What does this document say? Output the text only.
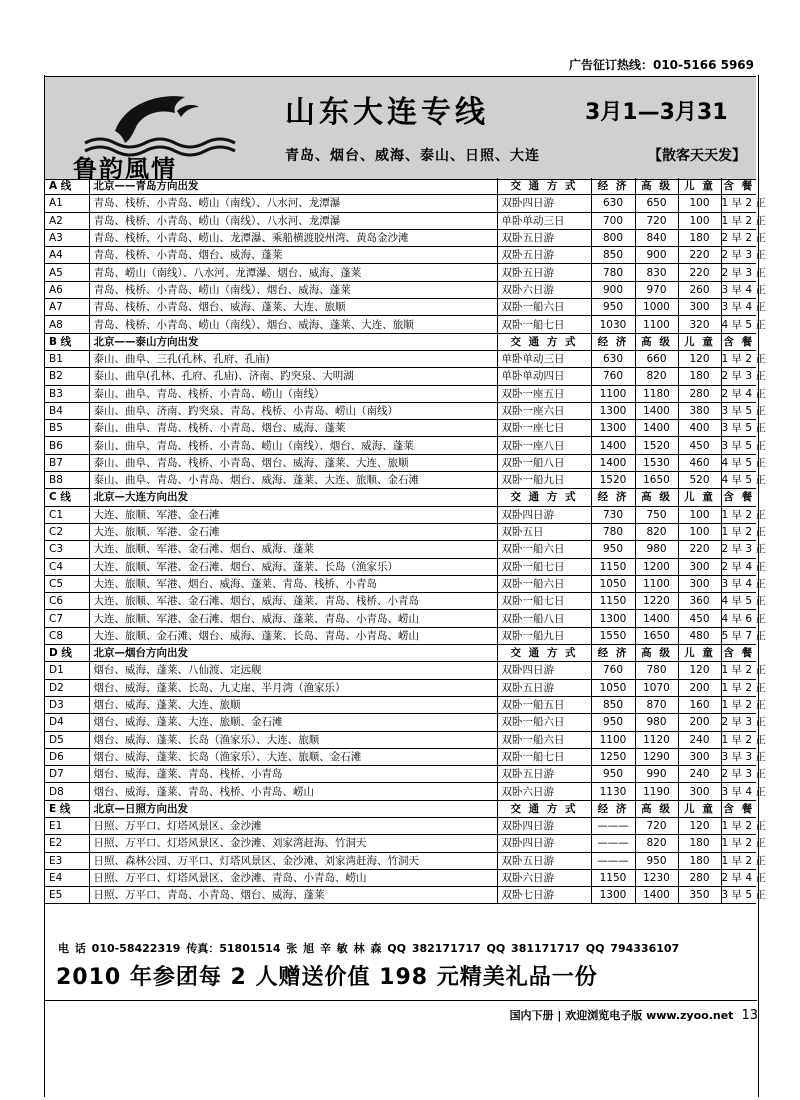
广告征订热线：010-5166 5969
鲁韵風情
山东大连专线	3月1—3月31
青岛、烟台、威海、泰山、日照、大连	【散客天天发】
A 线	北京——青岛方向出发	交 通 方 式	经 济	高 级	儿 童	含 餐
A1	青岛、栈桥、小青岛、崂山（南线）、八水河、龙潭瀑	双卧四日游	630	650	100	1 早 2 正
A2	青岛、栈桥、小青岛、崂山（南线）、八水河、龙潭瀑	单卧单动三日	700	720	100	1 早 2 正
A3	青岛、栈桥、小青岛、崂山、龙潭瀑、乘船横渡胶州湾、黄岛金沙滩	双卧五日游	800	840	180	2 早 2 正
A4	青岛、栈桥、小青岛、烟台、威海、蓬莱	双卧五日游	850	900	220	2 早 3 正
A5	青岛、崂山（南线）、八水河、龙潭瀑、烟台、威海、蓬莱	双卧五日游	780	830	220	2 早 3 正
A6	青岛、栈桥、小青岛、崂山（南线）、烟台、威海、蓬莱	双卧六日游	900	970	260	3 早 4 正
A7	青岛、栈桥、小青岛、烟台、威海、蓬莱、大连、旅顺	双卧一船六日	950	1000	300	3 早 4 正
A8	青岛、栈桥、小青岛、崂山（南线）、烟台、威海、蓬莱、大连、旅顺	双卧一船七日	1030	1100	320	4 早 5 正
B 线	北京——泰山方向出发	交 通 方 式	经 济	高 级	儿 童	含 餐
B1	泰山、曲阜、三孔(孔林、孔府、孔庙)	单卧单动三日	630	660	120	1 早 2 正
B2	泰山、曲阜(孔林、孔府、孔庙)、济南、趵突泉、大明湖	单卧单动四日	760	820	180	2 早 3 正
B3	泰山、曲阜、青岛、栈桥、小青岛、崂山（南线）	双卧一座五日	1100	1180	280	2 早 4 正
B4	泰山、曲阜、济南、趵突泉、青岛、栈桥、小青岛、崂山（南线）	双卧一座六日	1300	1400	380	3 早 5 正
B5	泰山、曲阜、青岛、栈桥、小青岛、烟台、威海、蓬莱	双卧一座七日	1300	1400	400	3 早 5 正
B6	泰山、曲阜、青岛、栈桥、小青岛、崂山（南线）、烟台、威海、蓬莱	双卧一座八日	1400	1520	450	3 早 5 正
B7	泰山、曲阜、青岛、栈桥、小青岛、烟台、威海、蓬莱、大连、旅顺	双卧一船八日	1400	1530	460	4 早 5 正
B8	泰山、曲阜、青岛、小青岛、烟台、威海、蓬莱、大连、旅顺、金石滩	双卧一船九日	1520	1650	520	4 早 5 正
C 线	北京—大连方向出发	交 通 方 式	经 济	高 级	儿 童	含 餐
C1	大连、旅顺、军港、金石滩	双卧四日游	730	750	100	1 早 2 正
C2	大连、旅顺、军港、金石滩	双卧五日	780	820	100	1 早 2 正
C3	大连、旅顺、军港、金石滩、烟台、威海、蓬莱	双卧一船六日	950	980	220	2 早 3 正
C4	大连、旅顺、军港、金石滩、烟台、威海、蓬莱、长岛（渔家乐）	双卧一船七日	1150	1200	300	2 早 4 正
C5	大连、旅顺、军港、烟台、威海、蓬莱、青岛、栈桥、小青岛	双卧一船六日	1050	1100	300	3 早 4 正
C6	大连、旅顺、军港、金石滩、烟台、威海、蓬莱、青岛、栈桥、小青岛	双卧一船七日	1150	1220	360	4 早 5 正
C7	大连、旅顺、军港、金石滩、烟台、威海、蓬莱、青岛、小青岛、崂山	双卧一船八日	1300	1400	450	4 早 6 正
C8	大连、旅顺、金石滩、烟台、威海、蓬莱、长岛、青岛、小青岛、崂山	双卧一船九日	1550	1650	480	5 早 7 正
D 线	北京—烟台方向出发	交 通 方 式	经 济	高 级	儿 童	含 餐
D1	烟台、威海、蓬莱、八仙渡、定远舰	双卧四日游	760	780	120	1 早 2 正
D2	烟台、威海、蓬莱、长岛、九丈崖、半月湾（渔家乐）	双卧五日游	1050	1070	200	1 早 2 正
D3	烟台、威海、蓬莱、大连、旅顺	双卧一船五日	850	870	160	1 早 2 正
D4	烟台、威海、蓬莱、大连、旅顺、金石滩	双卧一船六日	950	980	200	2 早 3 正
D5	烟台、威海、蓬莱、长岛（渔家乐）、大连、旅顺	双卧一船六日	1100	1120	240	1 早 2 正
D6	烟台、威海、蓬莱、长岛（渔家乐）、大连、旅顺、金石滩	双卧一船七日	1250	1290	300	3 早 3 正
D7	烟台、威海、蓬莱、青岛、栈桥、小青岛	双卧五日游	950	990	240	2 早 3 正
D8	烟台、威海、蓬莱、青岛、栈桥、小青岛、崂山	双卧六日游	1130	1190	300	3 早 4 正
E 线	北京—日照方向出发	交 通 方 式	经 济	高 级	儿 童	含 餐
E1	日照、万平口、灯塔风景区、金沙滩	双卧四日游	———	720	120	1 早 2 正
E2	日照、万平口、灯塔风景区、金沙滩、刘家湾赶海、竹洞天	双卧四日游	———	820	180	1 早 2 正
E3	日照、森林公园、万平口、灯塔风景区、金沙滩、刘家湾赶海、竹洞天	双卧五日游	———	950	180	1 早 2 正
E4	日照、万平口、灯塔风景区、金沙滩、青岛、小青岛、崂山	双卧六日游	1150	1230	280	2 早 4 正
E5	日照、万平口、青岛、小青岛、烟台、威海、蓬莱	双卧七日游	1300	1400	350	3 早 5 正
电 话 010-58422319 传真：51801514 张 旭 辛 敏 林 森 QQ 382171717 QQ 381171717 QQ 794336107
2010 年参团每 2 人赠送价值 198 元精美礼品一份
国内下册 | 欢迎浏览电子版 www.zyoo.net 13
